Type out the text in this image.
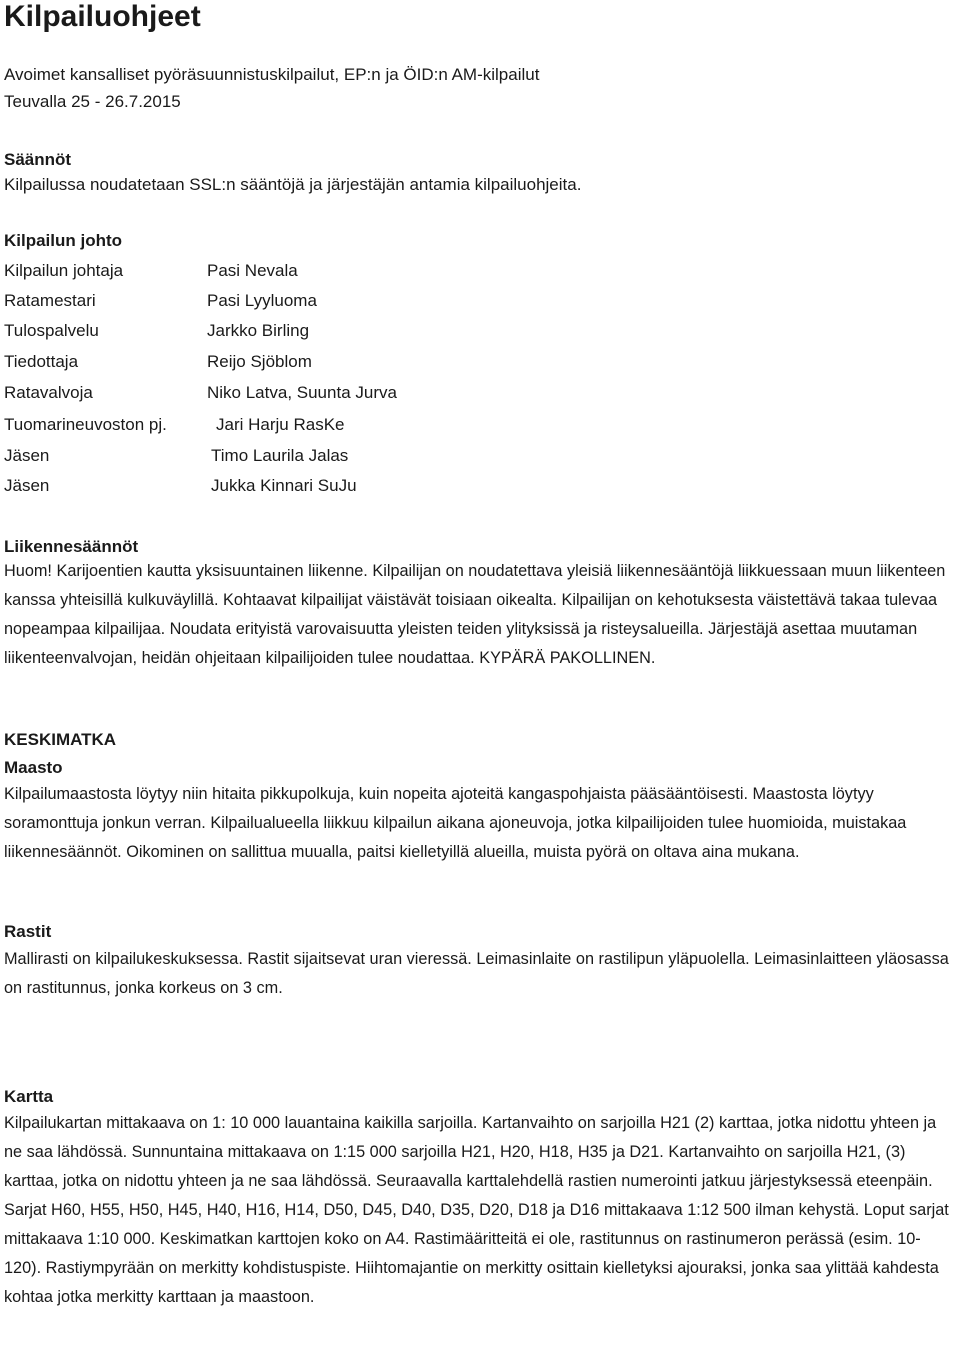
Kilpailuohjeet
Avoimet kansalliset pyöräsuunnistuskilpailut, EP:n ja ÖID:n AM-kilpailut
Teuvalla 25 - 26.7.2015
Säännöt
Kilpailussa noudatetaan SSL:n sääntöjä ja järjestäjän antamia kilpailuohjeita.
Kilpailun johto
Kilpailun johtaja	Pasi Nevala
Ratamestari	Pasi Lyyluoma
Tulospalvelu	Jarkko Birling
Tiedottaja	Reijo Sjöblom
Ratavalvoja	Niko Latva, Suunta Jurva
Tuomarineuvoston pj.	Jari Harju RasKe
Jäsen	Timo Laurila Jalas
Jäsen	Jukka Kinnari SuJu
Liikennesäännöt

Huom! Karijoentien kautta yksisuuntainen liikenne. Kilpailijan on noudatettava yleisiä liikennesääntöjä liikkuessaan muun liikenteen kanssa yhteisillä kulkuväylillä. Kohtaavat kilpailijat väistävät toisiaan oikealta. Kilpailijan on kehotuksesta väistettävä takaa tulevaa nopeampaa kilpailijaa. Noudata erityistä varovaisuutta yleisten teiden ylityksissä ja risteysalueilla. Järjestäjä asettaa muutaman liikenteenvalvojan, heidän ohjeitaan kilpailijoiden tulee noudattaa. KYPÄRÄ PAKOLLINEN.

KESKIMATKA
Maasto

Kilpailumaastosta löytyy niin hitaita pikkupolkuja, kuin nopeita ajoteitä kangaspohjaista pääsääntöisesti. Maastosta löytyy soramonttuja jonkun verran. Kilpailualueella liikkuu kilpailun aikana ajoneuvoja, jotka kilpailijoiden tulee huomioida, muistakaa liikennesäännöt. Oikominen on sallittua muualla, paitsi kielletyillä alueilla, muista pyörä on oltava aina mukana.

Rastit

Mallirasti on kilpailukeskuksessa. Rastit sijaitsevat uran vieressä. Leimasinlaite on rastilipun yläpuolella. Leimasinlaitteen yläosassa on rastitunnus, jonka korkeus on 3 cm.

Kartta

Kilpailukartan mittakaava on 1: 10 000 lauantaina kaikilla sarjoilla. Kartanvaihto on sarjoilla H21 (2) karttaa, jotka nidottu yhteen ja ne saa lähdössä. Sunnuntaina mittakaava on 1:15 000 sarjoilla H21, H20, H18, H35 ja D21. Kartanvaihto on sarjoilla H21, (3) karttaa, jotka on nidottu yhteen ja ne saa lähdössä. Seuraavalla karttalehdellä rastien numerointi jatkuu järjestyksessä eteenpäin. Sarjat H60, H55, H50, H45, H40, H16, H14, D50, D45, D40, D35, D20, D18 ja D16 mittakaava 1:12 500 ilman kehystä. Loput sarjat mittakaava 1:10 000. Keskimatkan karttojen koko on A4. Rastimääritteitä ei ole, rastitunnus on rastinumeron perässä (esim. 10-120). Rastiympyrään on merkitty kohdistuspiste. Hiihtomajantie on merkitty osittain kielletyksi ajouraksi, jonka saa ylittää kahdesta kohtaa jotka merkitty karttaan ja maastoon.
